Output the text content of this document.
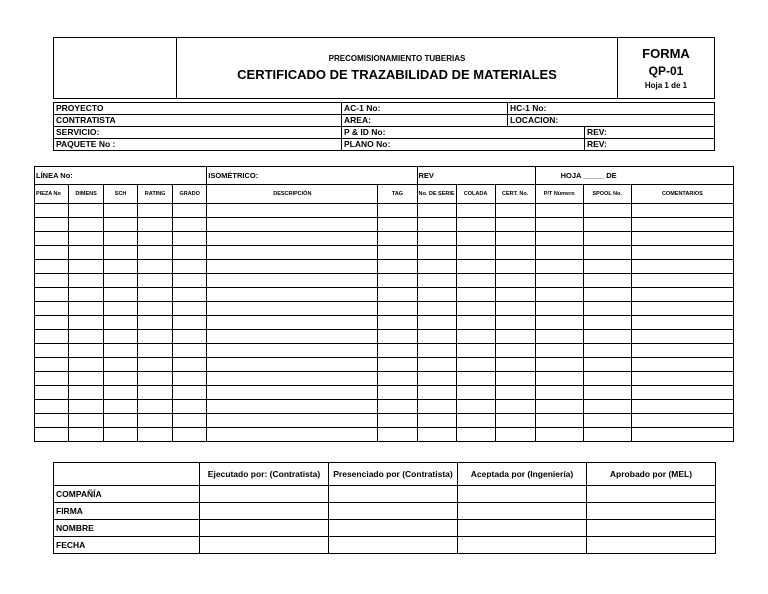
PRECOMISIONAMIENTO TUBERIAS
CERTIFICADO DE TRAZABILIDAD DE MATERIALES

FORMA
QP-01
Hoja 1 de 1
PROYECTO	AC-1 No:	HC-1 No:	
CONTRATISTA	AREA:	LOCACION:	
SERVICIO:	P & ID No:		REV:
PAQUETE No :	PLANO No:		REV:
LÍNEA No:					ISOMÉTRICO:		REV			HOJA _____ DE		
PIEZA No	DIMENS	SCH	RATING	GRADO	DESCRIPCIÓN	TAG	No. DE SERIE	COLADA	CERT. No.	P/T Número	SPOOL No.	COMENTARIOS

	Ejecutado por: (Contratista)	Presenciado por (Contratista)	Aceptada por (Ingeniería)	Aprobado por (MEL)
COMPAÑÍA				
FIRMA				
NOMBRE				
FECHA				
